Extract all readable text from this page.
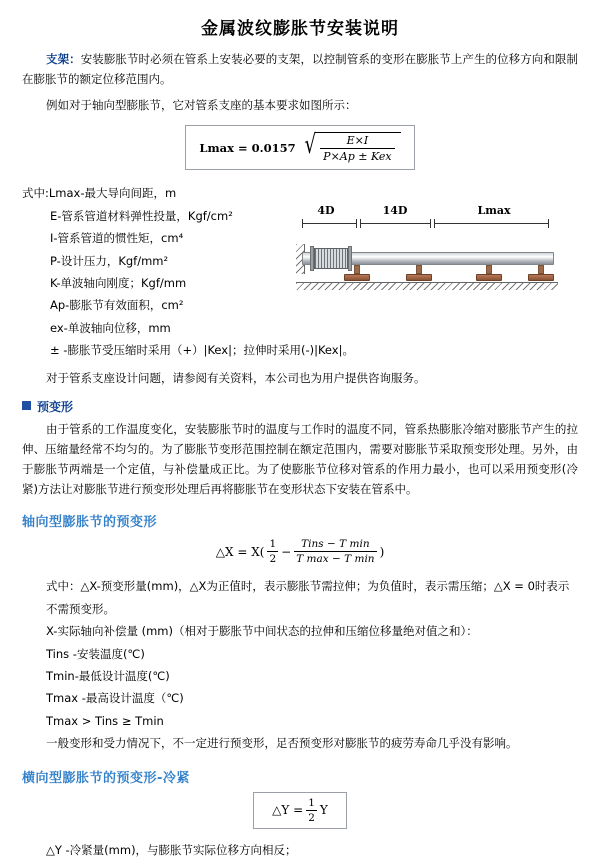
金属波纹膨胀节安装说明

支架：安装膨胀节时必须在管系上安装必要的支架，以控制管系的变形在膨胀节上产生的位移方向和限制在膨胀节的额定位移范围内。

例如对于轴向型膨胀节，它对管系支座的基本要求如图所示：

Lmax = 0.0157 √ $\frac{E\times I}{\text{P×Ap ± Kex}}$
式中:Lmax-最大导向间距，m
E-管系管道材料弹性投量，Kgf/cm²
I-管系管道的惯性矩，cm⁴
P-设计压力，Kgf/mm²
K-单波轴向刚度；Kgf/mm
Ap-膨胀节有效面积，cm²
ex-单波轴向位移，mm
± -膨胀节受压缩时采用（+）|Kex|；拉伸时采用(-)|Kex|。
4D	14D	Lmax

对于管系支座设计问题，请参阅有关资料，本公司也为用户提供咨询服务。

预变形

由于管系的工作温度变化，安装膨胀节时的温度与工作时的温度不同，管系热膨胀冷缩对膨胀节产生的拉伸、压缩量经常不均匀的。为了膨胀节变形范围控制在额定范围内，需要对膨胀节采取预变形处理。另外，由于膨胀节两端是一个定值，与补偿量成正比。为了使膨胀节位移对管系的作用力最小，也可以采用预变形(冷紧)方法让对膨胀节进行预变形处理后再将膨胀节在变形状态下安装在管系中。

轴向型膨胀节的预变形
△X = $X( \frac{1}{2} - \frac{\text{Tins − T min}}{\text{T max − T min}}$ )
式中：△X-预变形量(mm)，△X为正值时，表示膨胀节需拉伸；为负值时，表示需压缩；△X = 0时表示不需预变形。
X-实际轴向补偿量 (mm)（相对于膨胀节中间状态的拉伸和压缩位移量绝对值之和）：
Tins -安装温度(℃)
Tmin-最低设计温度(℃)
Tmax -最高设计温度（℃)
Tmax > Tins ≥ Tmin
一般变形和受力情况下，不一定进行预变形，足否预变形对膨胀节的疲劳寿命几乎没有影响。
横向型膨胀节的预变形-冷紧
△Y = $\frac{1}{2}$ Y
△Y -冷紧量(mm)，与膨胀节实际位移方向相反；
